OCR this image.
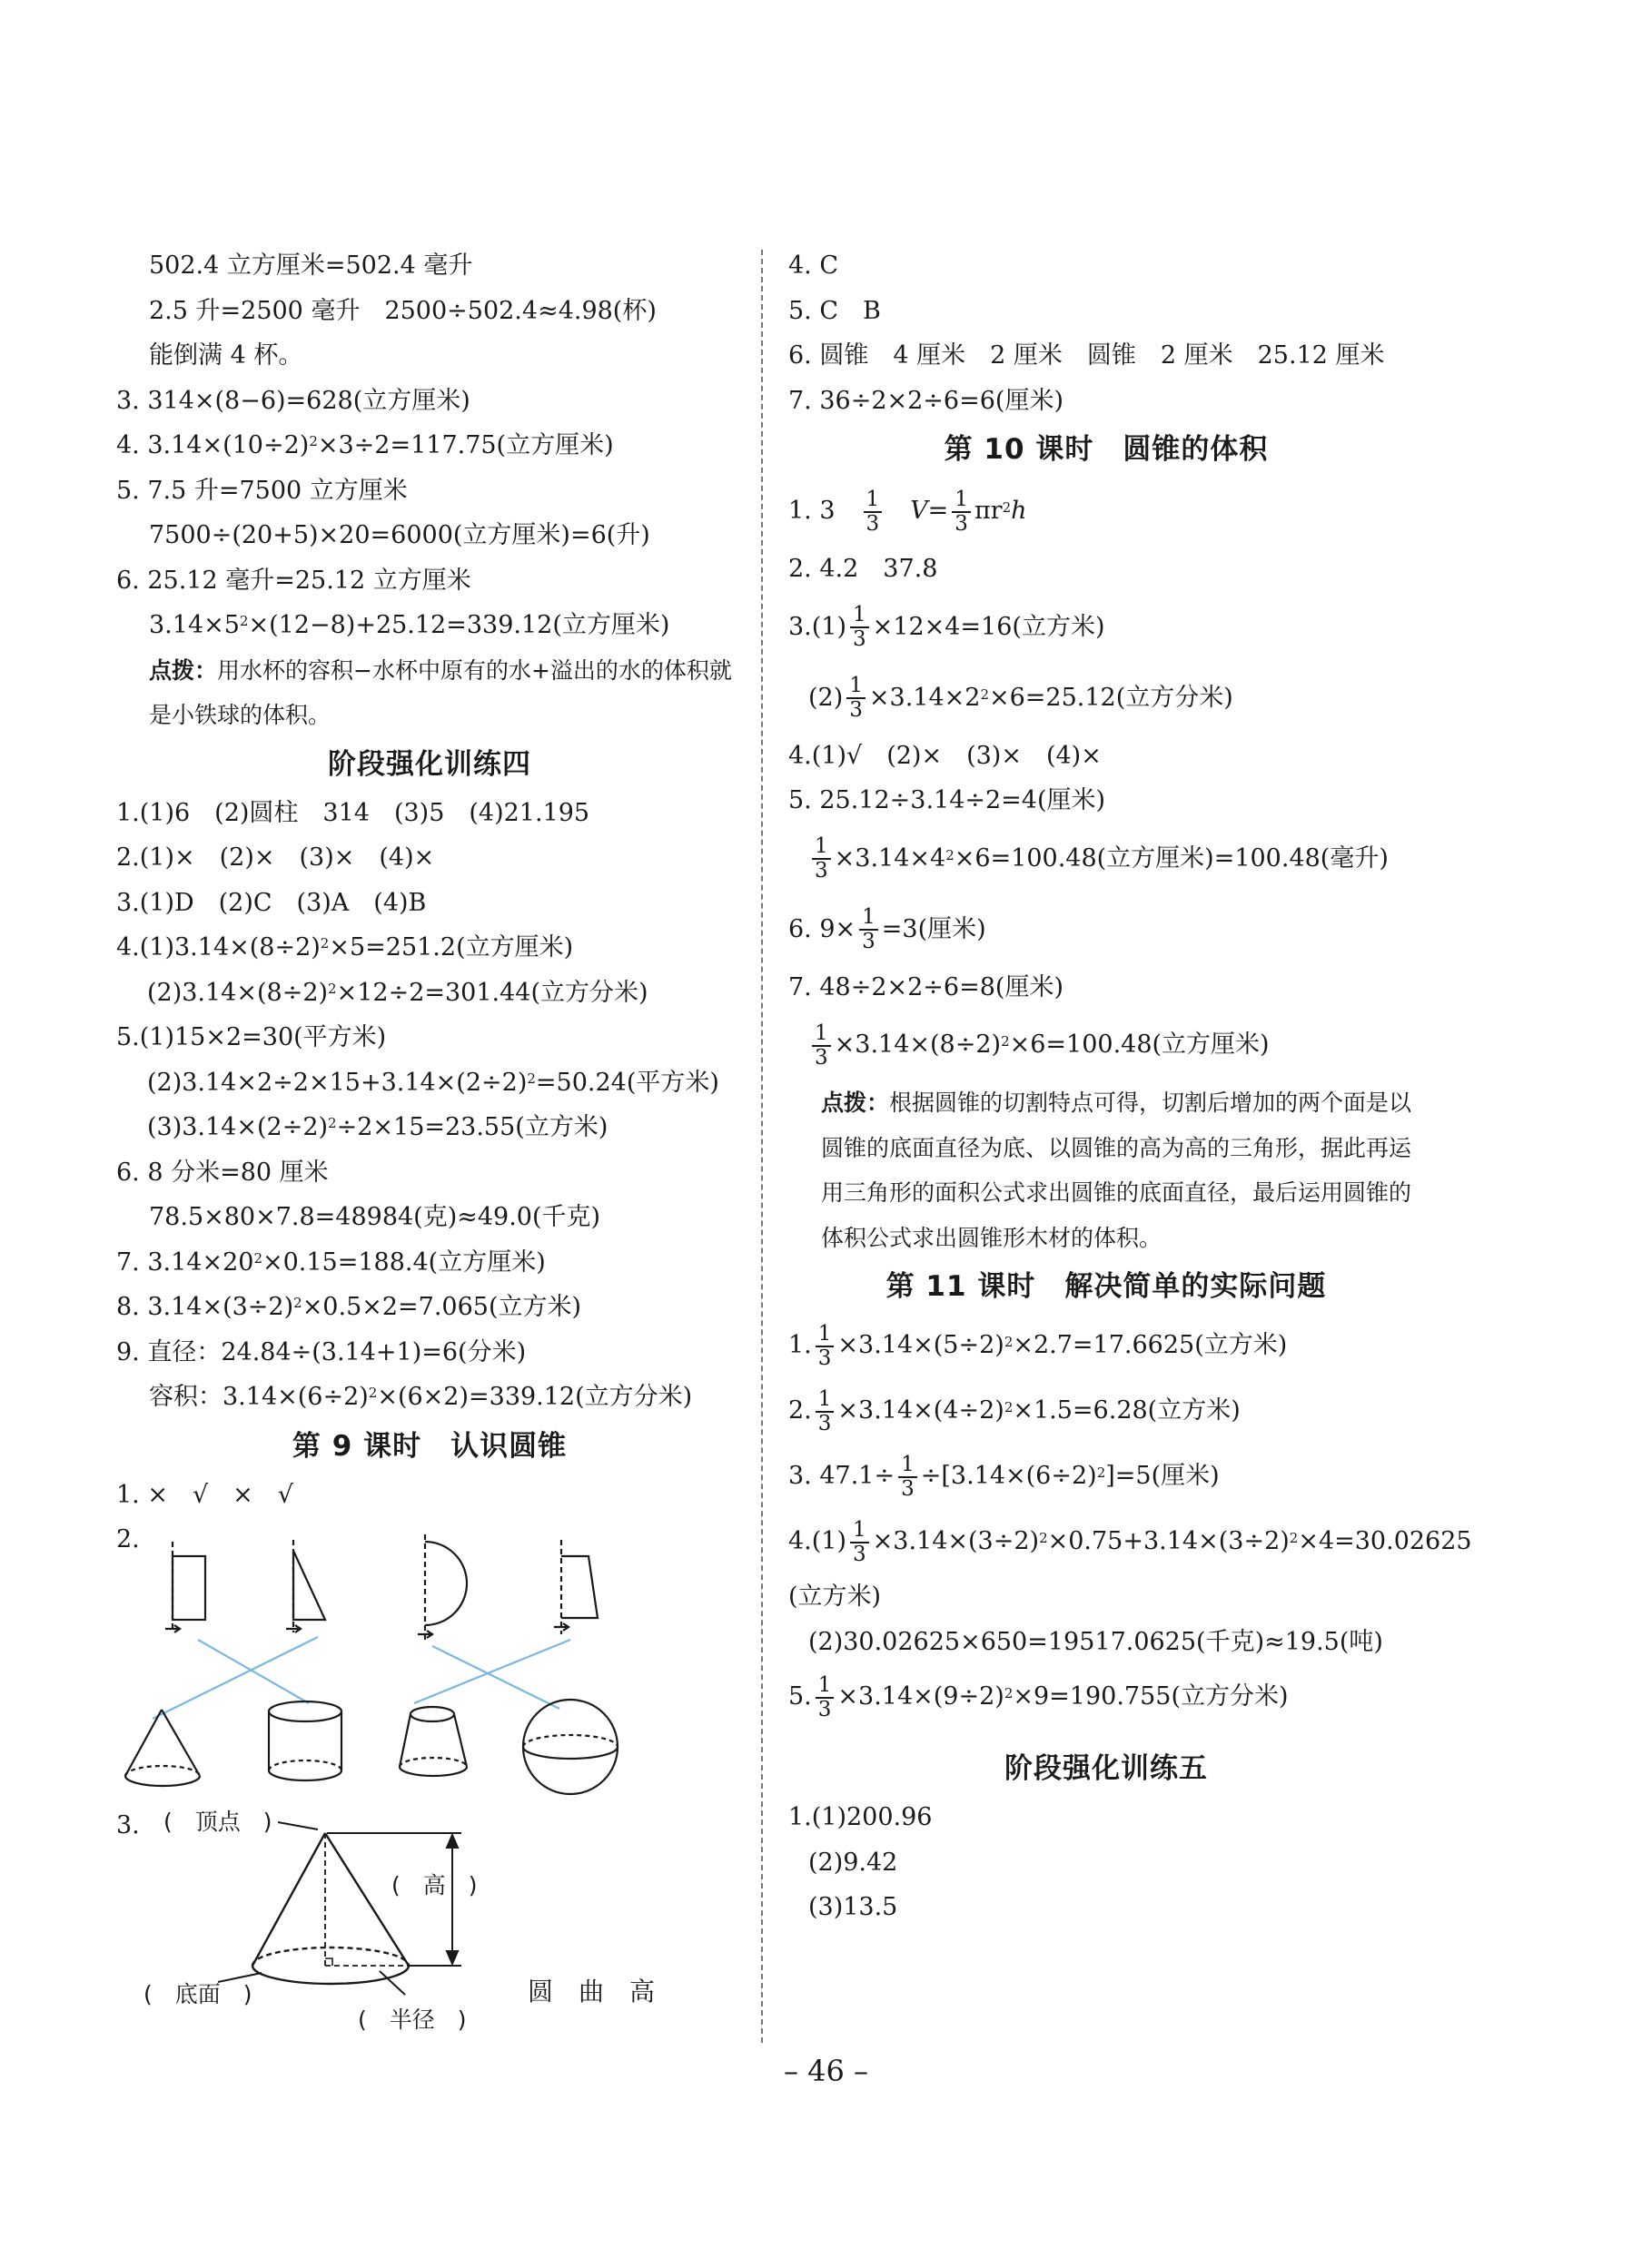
502.4 立方厘米=502.4 毫升
2.5 升=2500 毫升　2500÷502.4≈4.98(杯)
能倒满 4 杯。
3. 314×(8−6)=628(立方厘米)
4. $3.14\times(10\div 2)^2\times 3\div 2=117.75$(立方厘米)
5. 7.5 升=7500 立方厘米
7500÷(20+5)×20=6000(立方厘米)=6(升)
6. 25.12 毫升=25.12 立方厘米
$3.14\times 5^2\times(12-8)+25.12=339.12$(立方厘米)
点拨：用水杯的容积−水杯中原有的水+溢出的水的体积就是小铁球的体积。
阶段强化训练四
1.(1)6　(2)圆柱　314　(3)5　(4)21.195
2.(1)×　(2)×　(3)×　(4)×
3.(1)D　(2)C　(3)A　(4)B
$4.(1)3.14\times(8\div 2)^2\times 5=251.2$(立方厘米)
$(2)3.14\times(8\div 2)^2\times 12\div 2=301.44$(立方分米)
5.(1)15×2=30(平方米)
$(2)3.14\times 2\div 2\times 15+3.14\times(2\div 2)^2=50.24$(平方米)
$(3)3.14\times(2\div 2)^2\div 2\times 15=23.55$(立方米)
6. 8 分米=80 厘米
78.5×80×7.8=48984(克)≈49.0(千克)
7. $3.14\times 20^2\times 0.15=188.4$(立方厘米)
8. $3.14\times(3\div 2)^2\times 0.5\times 2=7.065$(立方米)
9. 直径：24.84÷(3.14+1)=6(分米)
容积：$3.14\times(6\div 2)^2\times(6\times 2)=339.12$(立方分米)
第 9 课时　认识圆锥
1. ×　√　×　√
2.
3. (　顶点　)
(　高　)
(　底面　)
(　半径　)
圆　曲　高
4. C
5. C　B
6. 圆锥　4 厘米　2 厘米　圆锥　2 厘米　25.12 厘米
7. 36÷2×2÷6=6(厘米)
第 10 课时　圆锥的体积
1. 3　 $\frac{1}{3}$
　 $V= \frac{1}{3} \pi r^2h$
2. 4.2　37.8
$3.(1) \frac{1}{3} \times 12\times 4=16$(立方米)
$(2) \frac{1}{3} \times 3.14\times 2^2\times 6=25.12$(立方分米)
4.(1)√　(2)×　(3)×　(4)×
5. 25.12÷3.14÷2=4(厘米)
$\frac{1}{3} \times 3.14\times 4^2\times 6=100.48$(立方厘米)=100.48(毫升)
6. $9\times \frac{1}{3} =3$(厘米)
7. 48÷2×2÷6=8(厘米)
$\frac{1}{3} \times 3.14\times(8\div 2)^2\times 6=100.48$(立方厘米)
点拨：根据圆锥的切割特点可得，切割后增加的两个面是以圆锥的底面直径为底、以圆锥的高为高的三角形，据此再运用三角形的面积公式求出圆锥的底面直径，最后运用圆锥的体积公式求出圆锥形木材的体积。
第 11 课时　解决简单的实际问题
1. $\frac{1}{3} \times 3.14\times(5\div 2)^2\times 2.7=17.6625$(立方米)
2. $\frac{1}{3} \times 3.14\times(4\div 2)^2\times 1.5=6.28$(立方米)
3. $47.1\div \frac{1}{3} \div[3.14\times(6\div 2)^2]=5$(厘米)
$4.(1) \frac{1}{3} \times 3.14\times(3\div 2)^2\times 0.75+3.14\times(3\div 2)^2\times 4=30.02625$
(立方米)
(2)30.02625×650=19517.0625(千克)≈19.5(吨)
5. $\frac{1}{3} \times 3.14\times(9\div 2)^2\times 9=190.755$(立方分米)
阶段强化训练五
1.(1)200.96
(2)9.42
(3)13.5
– 46 –
